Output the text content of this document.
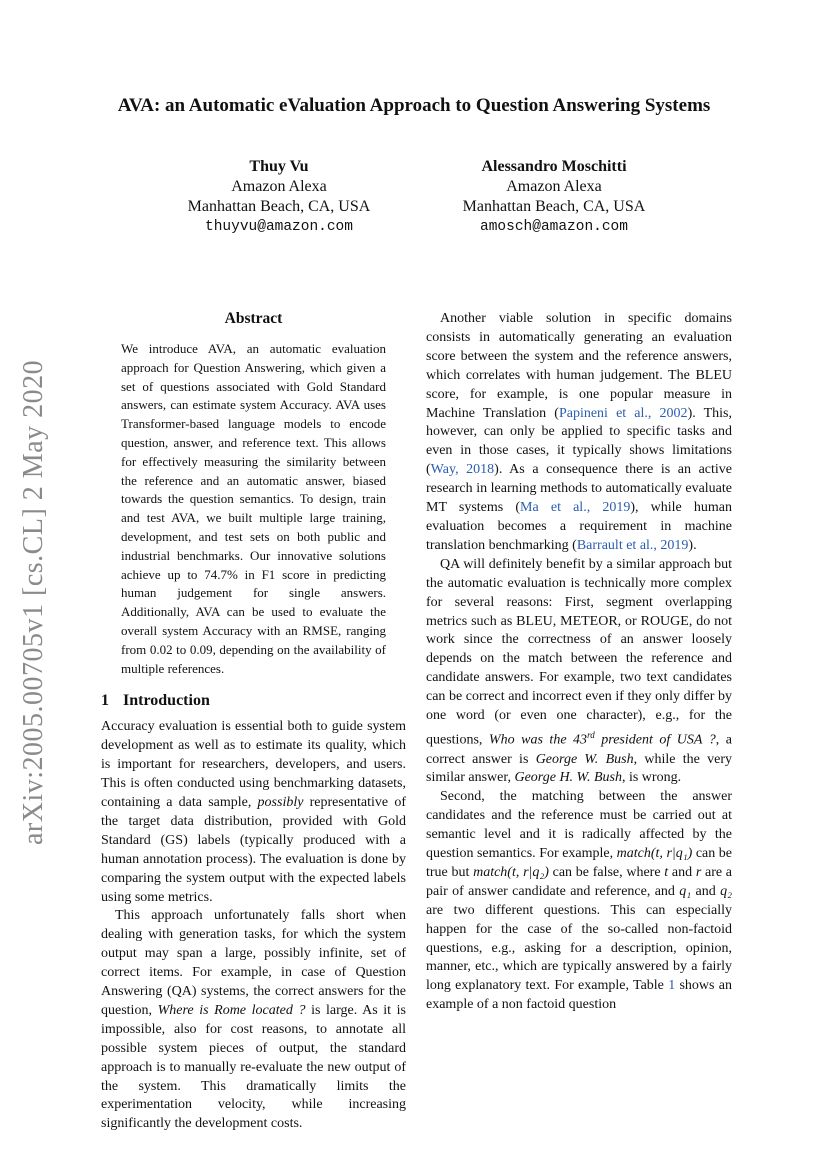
arXiv:2005.00705v1 [cs.CL] 2 May 2020
AVA: an Automatic eValuation Approach to Question Answering Systems
Thuy Vu
Amazon Alexa
Manhattan Beach, CA, USA
thuyvu@amazon.com
Alessandro Moschitti
Amazon Alexa
Manhattan Beach, CA, USA
amosch@amazon.com
Abstract

We introduce AVA, an automatic evaluation approach for Question Answering, which given a set of questions associated with Gold Standard answers, can estimate system Accuracy. AVA uses Transformer-based language models to encode question, answer, and reference text. This allows for effectively measuring the similarity between the reference and an automatic answer, biased towards the question semantics. To design, train and test AVA, we built multiple large training, development, and test sets on both public and industrial benchmarks. Our innovative solutions achieve up to 74.7% in F1 score in predicting human judgement for single answers. Additionally, AVA can be used to evaluate the overall system Accuracy with an RMSE, ranging from 0.02 to 0.09, depending on the availability of multiple references.

1 Introduction

Accuracy evaluation is essential both to guide system development as well as to estimate its quality, which is important for researchers, developers, and users. This is often conducted using benchmarking datasets, containing a data sample, possibly representative of the target data distribution, provided with Gold Standard (GS) labels (typically produced with a human annotation process). The evaluation is done by comparing the system output with the expected labels using some metrics.

This approach unfortunately falls short when dealing with generation tasks, for which the system output may span a large, possibly infinite, set of correct items. For example, in case of Question Answering (QA) systems, the correct answers for the question, Where is Rome located ? is large. As it is impossible, also for cost reasons, to annotate all possible system pieces of output, the standard approach is to manually re-evaluate the new output of the system. This dramatically limits the experimentation velocity, while increasing significantly the development costs.

Another viable solution in specific domains consists in automatically generating an evaluation score between the system and the reference answers, which correlates with human judgement. The BLEU score, for example, is one popular measure in Machine Translation (Papineni et al., 2002). This, however, can only be applied to specific tasks and even in those cases, it typically shows limitations (Way, 2018). As a consequence there is an active research in learning methods to automatically evaluate MT systems (Ma et al., 2019), while human evaluation becomes a requirement in machine translation benchmarking (Barrault et al., 2019).

QA will definitely benefit by a similar approach but the automatic evaluation is technically more complex for several reasons: First, segment overlapping metrics such as BLEU, METEOR, or ROUGE, do not work since the correctness of an answer loosely depends on the match between the reference and candidate answers. For example, two text candidates can be correct and incorrect even if they only differ by one word (or even one character), e.g., for the questions, Who was the 43rd president of USA ?, a correct answer is George W. Bush, while the very similar answer, George H. W. Bush, is wrong.

Second, the matching between the answer candidates and the reference must be carried out at semantic level and it is radically affected by the question semantics. For example, match(t, r|q₁) can be true but match(t, r|q₂) can be false, where t and r are a pair of answer candidate and reference, and q₁ and q₂ are two different questions. This can especially happen for the case of the so-called non-factoid questions, e.g., asking for a description, opinion, manner, etc., which are typically answered by a fairly long explanatory text. For example, Table 1 shows an example of a non factoid question
